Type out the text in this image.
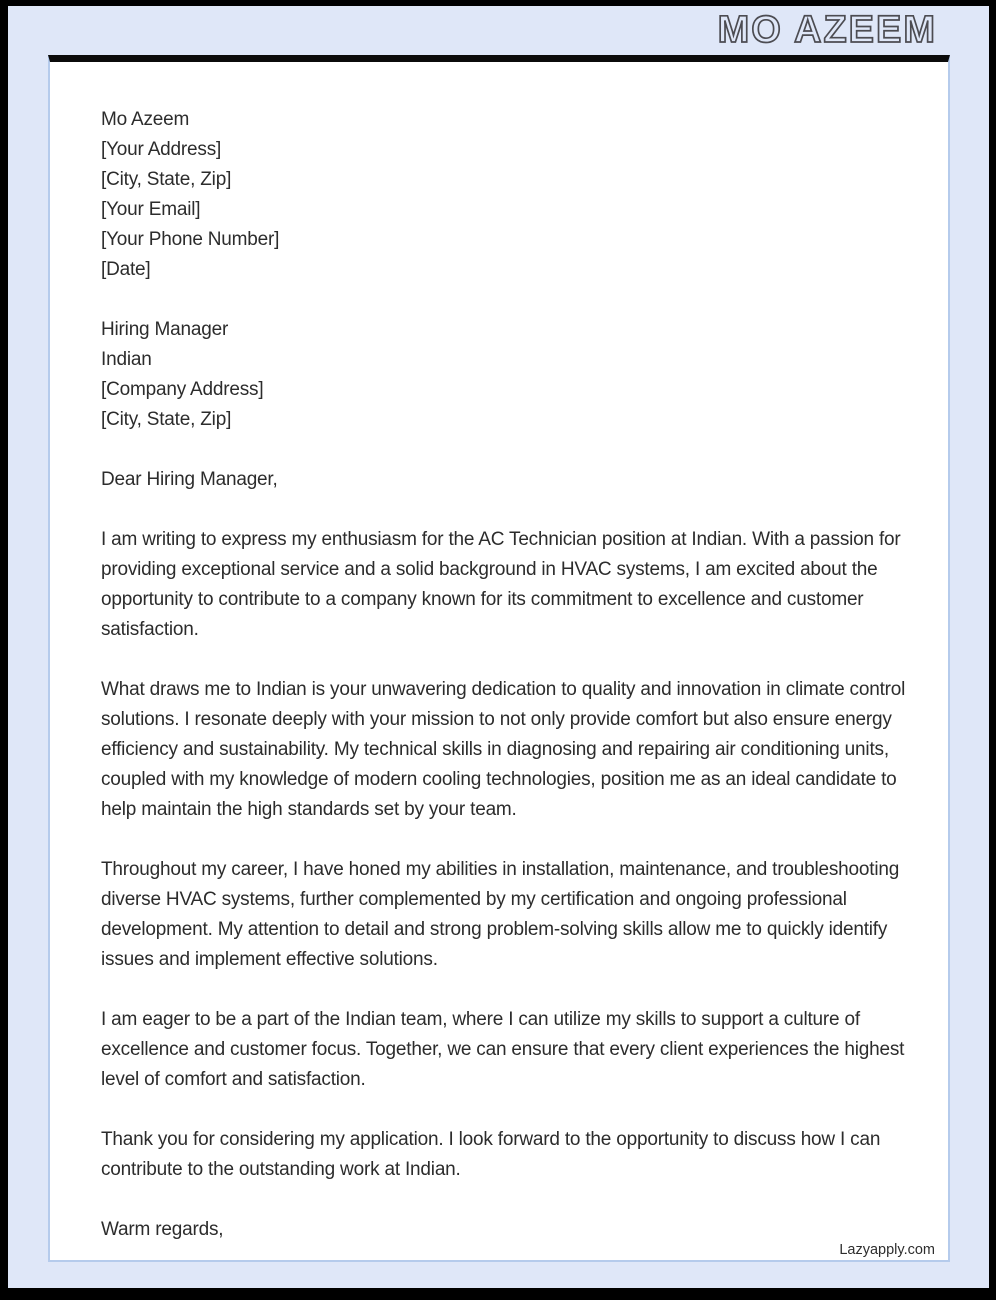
MO AZEEM
Mo Azeem
[Your Address]
[City, State, Zip]
[Your Email]
[Your Phone Number]
[Date]
Hiring Manager
Indian
[Company Address]
[City, State, Zip]
Dear Hiring Manager,

I am writing to express my enthusiasm for the AC Technician position at Indian. With a passion for providing exceptional service and a solid background in HVAC systems, I am excited about the opportunity to contribute to a company known for its commitment to excellence and customer satisfaction.

What draws me to Indian is your unwavering dedication to quality and innovation in climate control solutions. I resonate deeply with your mission to not only provide comfort but also ensure energy efficiency and sustainability. My technical skills in diagnosing and repairing air conditioning units, coupled with my knowledge of modern cooling technologies, position me as an ideal candidate to help maintain the high standards set by your team.

Throughout my career, I have honed my abilities in installation, maintenance, and troubleshooting diverse HVAC systems, further complemented by my certification and ongoing professional development. My attention to detail and strong problem-solving skills allow me to quickly identify issues and implement effective solutions.

I am eager to be a part of the Indian team, where I can utilize my skills to support a culture of excellence and customer focus. Together, we can ensure that every client experiences the highest level of comfort and satisfaction.

Thank you for considering my application. I look forward to the opportunity to discuss how I can contribute to the outstanding work at Indian.

Warm regards,
Lazyapply.com
